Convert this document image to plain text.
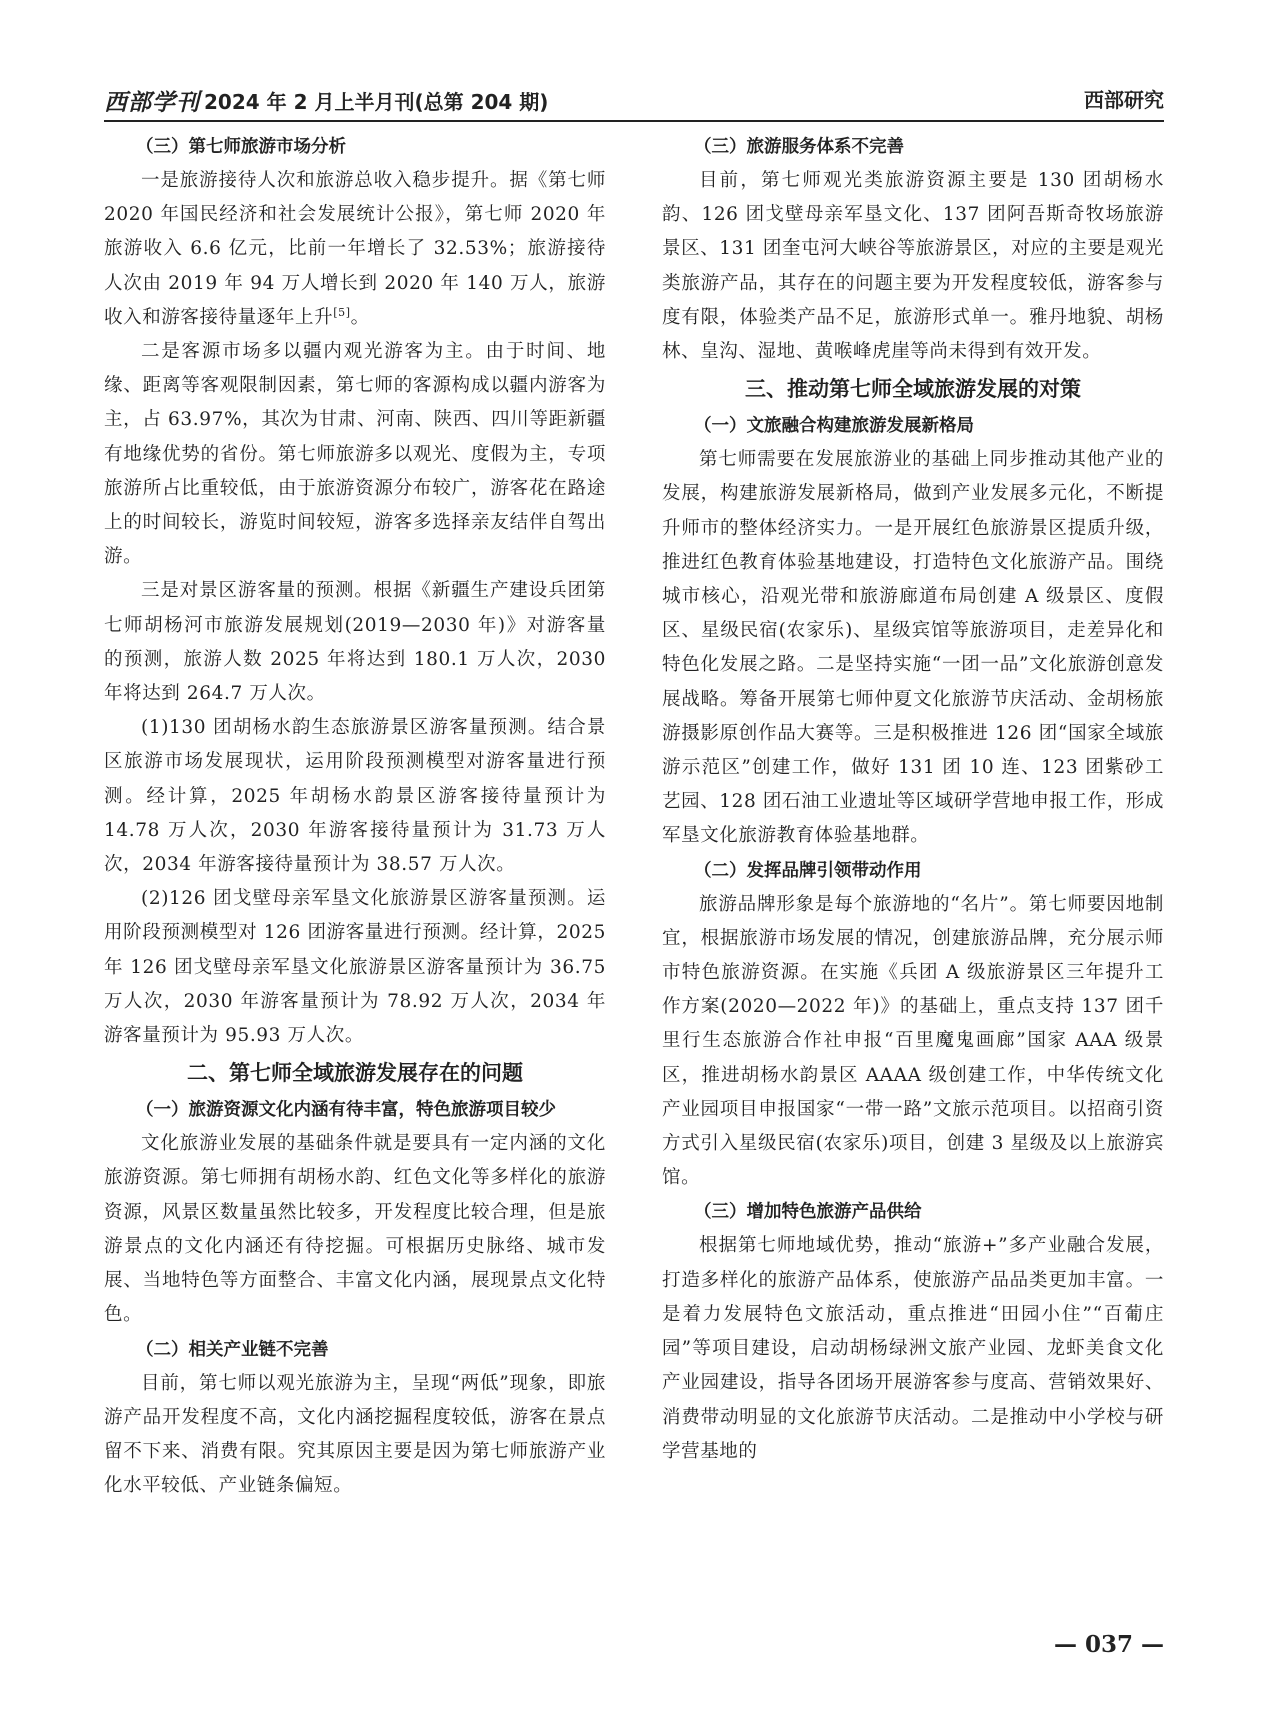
西部学刊 2024 年 2 月上半月刊(总第 204 期)	西部研究

（三）第七师旅游市场分析

一是旅游接待人次和旅游总收入稳步提升。据《第七师 2020 年国民经济和社会发展统计公报》，第七师 2020 年旅游收入 6.6 亿元，比前一年增长了 32.53%；旅游接待人次由 2019 年 94 万人增长到 2020 年 140 万人，旅游收入和游客接待量逐年上升[5]。

二是客源市场多以疆内观光游客为主。由于时间、地缘、距离等客观限制因素，第七师的客源构成以疆内游客为主，占 63.97%，其次为甘肃、河南、陕西、四川等距新疆有地缘优势的省份。第七师旅游多以观光、度假为主，专项旅游所占比重较低，由于旅游资源分布较广，游客花在路途上的时间较长，游览时间较短，游客多选择亲友结伴自驾出游。

三是对景区游客量的预测。根据《新疆生产建设兵团第七师胡杨河市旅游发展规划(2019—2030 年)》对游客量的预测，旅游人数 2025 年将达到 180.1 万人次，2030 年将达到 264.7 万人次。

(1)130 团胡杨水韵生态旅游景区游客量预测。结合景区旅游市场发展现状，运用阶段预测模型对游客量进行预测。经计算，2025 年胡杨水韵景区游客接待量预计为 14.78 万人次，2030 年游客接待量预计为 31.73 万人次，2034 年游客接待量预计为 38.57 万人次。

(2)126 团戈壁母亲军垦文化旅游景区游客量预测。运用阶段预测模型对 126 团游客量进行预测。经计算，2025 年 126 团戈壁母亲军垦文化旅游景区游客量预计为 36.75 万人次，2030 年游客量预计为 78.92 万人次，2034 年游客量预计为 95.93 万人次。

二、第七师全域旅游发展存在的问题

（一）旅游资源文化内涵有待丰富，特色旅游项目较少

文化旅游业发展的基础条件就是要具有一定内涵的文化旅游资源。第七师拥有胡杨水韵、红色文化等多样化的旅游资源，风景区数量虽然比较多，开发程度比较合理，但是旅游景点的文化内涵还有待挖掘。可根据历史脉络、城市发展、当地特色等方面整合、丰富文化内涵，展现景点文化特色。

（二）相关产业链不完善

目前，第七师以观光旅游为主，呈现“两低”现象，即旅游产品开发程度不高，文化内涵挖掘程度较低，游客在景点留不下来、消费有限。究其原因主要是因为第七师旅游产业化水平较低、产业链条偏短。

（三）旅游服务体系不完善

目前，第七师观光类旅游资源主要是 130 团胡杨水韵、126 团戈壁母亲军垦文化、137 团阿吾斯奇牧场旅游景区、131 团奎屯河大峡谷等旅游景区，对应的主要是观光类旅游产品，其存在的问题主要为开发程度较低，游客参与度有限，体验类产品不足，旅游形式单一。雅丹地貌、胡杨林、皇沟、湿地、黄喉峰虎崖等尚未得到有效开发。

三、推动第七师全域旅游发展的对策

（一）文旅融合构建旅游发展新格局

第七师需要在发展旅游业的基础上同步推动其他产业的发展，构建旅游发展新格局，做到产业发展多元化，不断提升师市的整体经济实力。一是开展红色旅游景区提质升级，推进红色教育体验基地建设，打造特色文化旅游产品。围绕城市核心，沿观光带和旅游廊道布局创建 A 级景区、度假区、星级民宿(农家乐)、星级宾馆等旅游项目，走差异化和特色化发展之路。二是坚持实施“一团一品”文化旅游创意发展战略。筹备开展第七师仲夏文化旅游节庆活动、金胡杨旅游摄影原创作品大赛等。三是积极推进 126 团“国家全域旅游示范区”创建工作，做好 131 团 10 连、123 团紫砂工艺园、128 团石油工业遗址等区域研学营地申报工作，形成军垦文化旅游教育体验基地群。

（二）发挥品牌引领带动作用

旅游品牌形象是每个旅游地的“名片”。第七师要因地制宜，根据旅游市场发展的情况，创建旅游品牌，充分展示师市特色旅游资源。在实施《兵团 A 级旅游景区三年提升工作方案(2020—2022 年)》的基础上，重点支持 137 团千里行生态旅游合作社申报“百里魔鬼画廊”国家 AAA 级景区，推进胡杨水韵景区 AAAA 级创建工作，中华传统文化产业园项目申报国家“一带一路”文旅示范项目。以招商引资方式引入星级民宿(农家乐)项目，创建 3 星级及以上旅游宾馆。

（三）增加特色旅游产品供给

根据第七师地域优势，推动“旅游+”多产业融合发展，打造多样化的旅游产品体系，使旅游产品品类更加丰富。一是着力发展特色文旅活动，重点推进“田园小住”“百葡庄园”等项目建设，启动胡杨绿洲文旅产业园、龙虾美食文化产业园建设，指导各团场开展游客参与度高、营销效果好、消费带动明显的文化旅游节庆活动。二是推动中小学校与研学营基地的

— 037 —
